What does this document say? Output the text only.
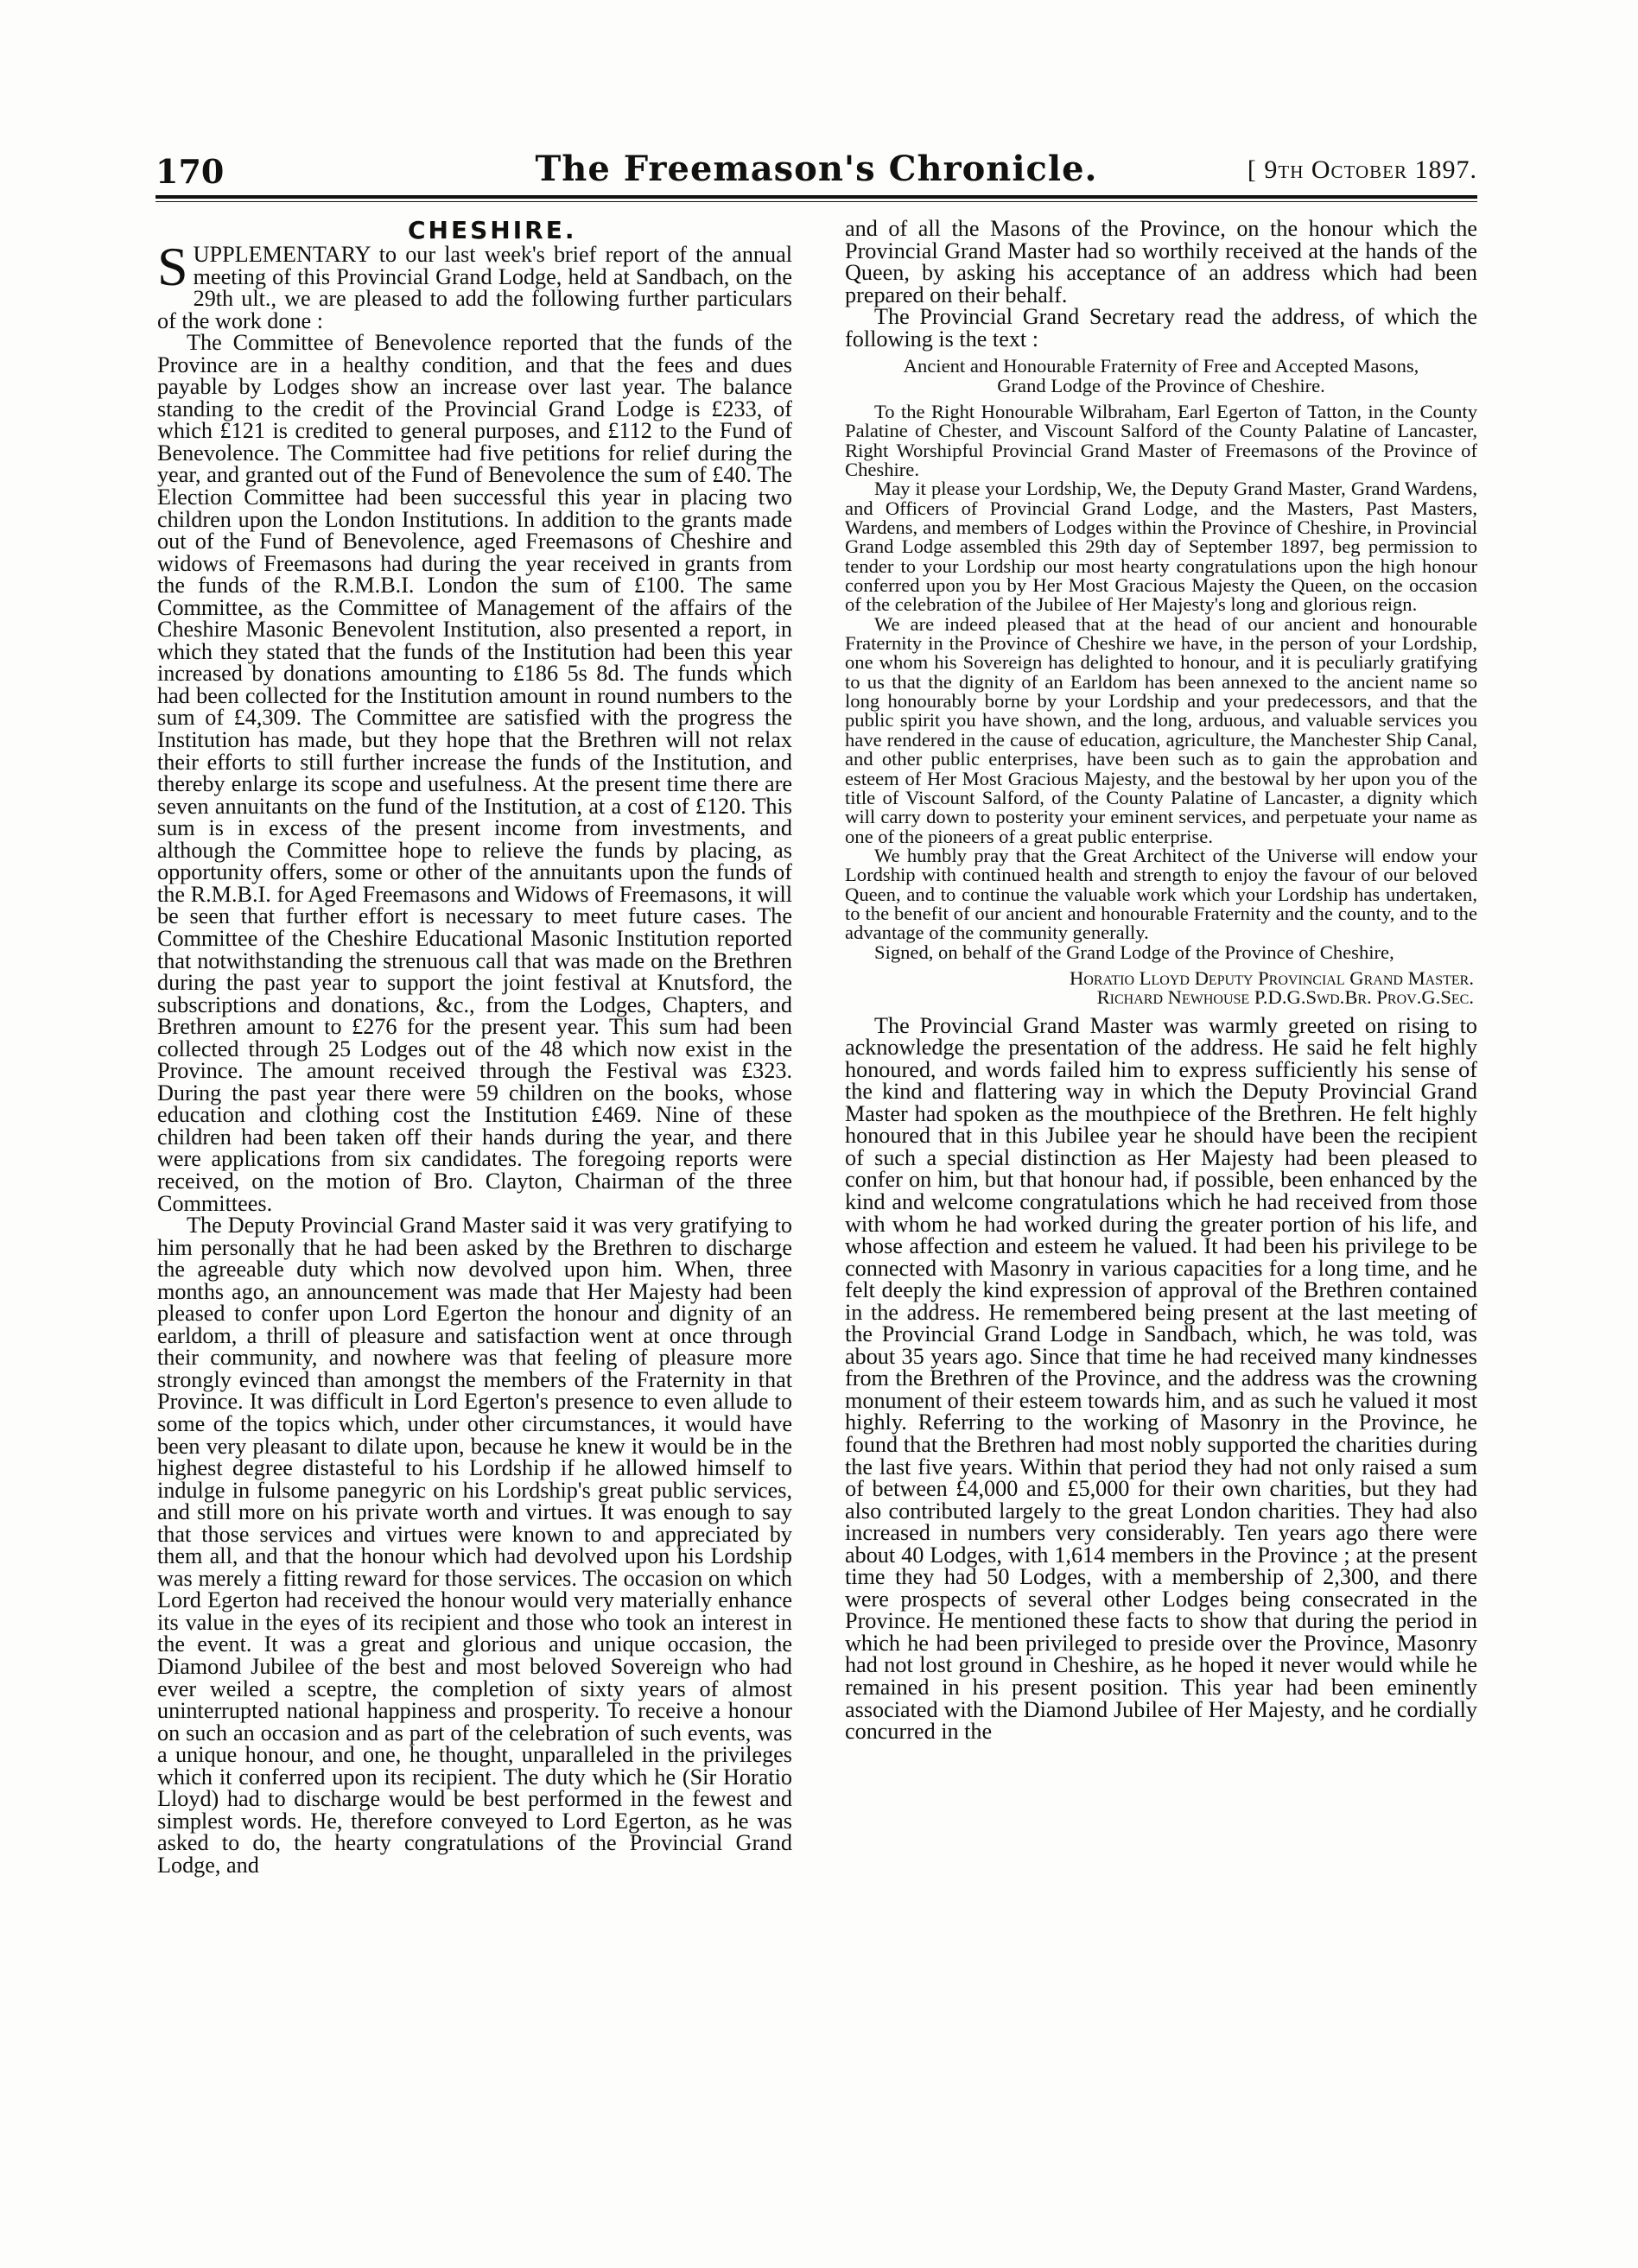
170	The Freemason's Chronicle.	[ 9th October 1897.
CHESHIRE.

SUPPLEMENTARY to our last week's brief report of the annual meeting of this Provincial Grand Lodge, held at Sandbach, on the 29th ult., we are pleased to add the following further particulars of the work done :

The Committee of Benevolence reported that the funds of the Province are in a healthy condition, and that the fees and dues payable by Lodges show an increase over last year. The balance standing to the credit of the Provincial Grand Lodge is £233, of which £121 is credited to general purposes, and £112 to the Fund of Benevolence. The Committee had five petitions for relief during the year, and granted out of the Fund of Benevolence the sum of £40. The Election Committee had been successful this year in placing two children upon the London Institutions. In addition to the grants made out of the Fund of Benevolence, aged Freemasons of Cheshire and widows of Freemasons had during the year received in grants from the funds of the R.M.B.I. London the sum of £100. The same Committee, as the Committee of Management of the affairs of the Cheshire Masonic Benevolent Institution, also presented a report, in which they stated that the funds of the Institution had been this year increased by donations amounting to £186 5s 8d. The funds which had been collected for the Institution amount in round numbers to the sum of £4,309. The Committee are satisfied with the progress the Institution has made, but they hope that the Brethren will not relax their efforts to still further increase the funds of the Institution, and thereby enlarge its scope and usefulness. At the present time there are seven annuitants on the fund of the Institution, at a cost of £120. This sum is in excess of the present income from investments, and although the Committee hope to relieve the funds by placing, as opportunity offers, some or other of the annuitants upon the funds of the R.M.B.I. for Aged Freemasons and Widows of Freemasons, it will be seen that further effort is necessary to meet future cases. The Committee of the Cheshire Educational Masonic Institution reported that notwithstanding the strenuous call that was made on the Brethren during the past year to support the joint festival at Knutsford, the subscriptions and donations, &c., from the Lodges, Chapters, and Brethren amount to £276 for the present year. This sum had been collected through 25 Lodges out of the 48 which now exist in the Province. The amount received through the Festival was £323. During the past year there were 59 children on the books, whose education and clothing cost the Institution £469. Nine of these children had been taken off their hands during the year, and there were applications from six candidates. The foregoing reports were received, on the motion of Bro. Clayton, Chairman of the three Committees.

The Deputy Provincial Grand Master said it was very gratifying to him personally that he had been asked by the Brethren to discharge the agreeable duty which now devolved upon him. When, three months ago, an announcement was made that Her Majesty had been pleased to confer upon Lord Egerton the honour and dignity of an earldom, a thrill of pleasure and satisfaction went at once through their community, and nowhere was that feeling of pleasure more strongly evinced than amongst the members of the Fraternity in that Province. It was difficult in Lord Egerton's presence to even allude to some of the topics which, under other circumstances, it would have been very pleasant to dilate upon, because he knew it would be in the highest degree distasteful to his Lordship if he allowed himself to indulge in fulsome panegyric on his Lordship's great public services, and still more on his private worth and virtues. It was enough to say that those services and virtues were known to and appreciated by them all, and that the honour which had devolved upon his Lordship was merely a fitting reward for those services. The occasion on which Lord Egerton had received the honour would very materially enhance its value in the eyes of its recipient and those who took an interest in the event. It was a great and glorious and unique occasion, the Diamond Jubilee of the best and most beloved Sovereign who had ever weiled a sceptre, the completion of sixty years of almost uninterrupted national happiness and prosperity. To receive a honour on such an occasion and as part of the celebration of such events, was a unique honour, and one, he thought, unparalleled in the privileges which it conferred upon its recipient. The duty which he (Sir Horatio Lloyd) had to discharge would be best performed in the fewest and simplest words. He, therefore conveyed to Lord Egerton, as he was asked to do, the hearty congratulations of the Provincial Grand Lodge, and

and of all the Masons of the Province, on the honour which the Provincial Grand Master had so worthily received at the hands of the Queen, by asking his acceptance of an address which had been prepared on their behalf.

The Provincial Grand Secretary read the address, of which the following is the text :

Ancient and Honourable Fraternity of Free and Accepted Masons,

Grand Lodge of the Province of Cheshire.

To the Right Honourable Wilbraham, Earl Egerton of Tatton, in the County Palatine of Chester, and Viscount Salford of the County Palatine of Lancaster, Right Worshipful Provincial Grand Master of Freemasons of the Province of Cheshire.

May it please your Lordship, We, the Deputy Grand Master, Grand Wardens, and Officers of Provincial Grand Lodge, and the Masters, Past Masters, Wardens, and members of Lodges within the Province of Cheshire, in Provincial Grand Lodge assembled this 29th day of September 1897, beg permission to tender to your Lordship our most hearty congratulations upon the high honour conferred upon you by Her Most Gracious Majesty the Queen, on the occasion of the celebration of the Jubilee of Her Majesty's long and glorious reign.

We are indeed pleased that at the head of our ancient and honourable Fraternity in the Province of Cheshire we have, in the person of your Lordship, one whom his Sovereign has delighted to honour, and it is peculiarly gratifying to us that the dignity of an Earldom has been annexed to the ancient name so long honourably borne by your Lordship and your predecessors, and that the public spirit you have shown, and the long, arduous, and valuable services you have rendered in the cause of education, agriculture, the Manchester Ship Canal, and other public enterprises, have been such as to gain the approbation and esteem of Her Most Gracious Majesty, and the bestowal by her upon you of the title of Viscount Salford, of the County Palatine of Lancaster, a dignity which will carry down to posterity your eminent services, and perpetuate your name as one of the pioneers of a great public enterprise.

We humbly pray that the Great Architect of the Universe will endow your Lordship with continued health and strength to enjoy the favour of our beloved Queen, and to continue the valuable work which your Lordship has undertaken, to the benefit of our ancient and honourable Fraternity and the county, and to the advantage of the community generally.

Signed, on behalf of the Grand Lodge of the Province of Cheshire,

Horatio Lloyd Deputy Provincial Grand Master.

Richard Newhouse P.D.G.Swd.Br. Prov.G.Sec.

The Provincial Grand Master was warmly greeted on rising to acknowledge the presentation of the address. He said he felt highly honoured, and words failed him to express sufficiently his sense of the kind and flattering way in which the Deputy Provincial Grand Master had spoken as the mouthpiece of the Brethren. He felt highly honoured that in this Jubilee year he should have been the recipient of such a special distinction as Her Majesty had been pleased to confer on him, but that honour had, if possible, been enhanced by the kind and welcome congratulations which he had received from those with whom he had worked during the greater portion of his life, and whose affection and esteem he valued. It had been his privilege to be connected with Masonry in various capacities for a long time, and he felt deeply the kind expression of approval of the Brethren contained in the address. He remembered being present at the last meeting of the Provincial Grand Lodge in Sandbach, which, he was told, was about 35 years ago. Since that time he had received many kindnesses from the Brethren of the Province, and the address was the crowning monument of their esteem towards him, and as such he valued it most highly. Referring to the working of Masonry in the Province, he found that the Brethren had most nobly supported the charities during the last five years. Within that period they had not only raised a sum of between £4,000 and £5,000 for their own charities, but they had also contributed largely to the great London charities. They had also increased in numbers very considerably. Ten years ago there were about 40 Lodges, with 1,614 members in the Province ; at the present time they had 50 Lodges, with a membership of 2,300, and there were prospects of several other Lodges being consecrated in the Province. He mentioned these facts to show that during the period in which he had been privileged to preside over the Province, Masonry had not lost ground in Cheshire, as he hoped it never would while he remained in his present position. This year had been eminently associated with the Diamond Jubilee of Her Majesty, and he cordially concurred in the
